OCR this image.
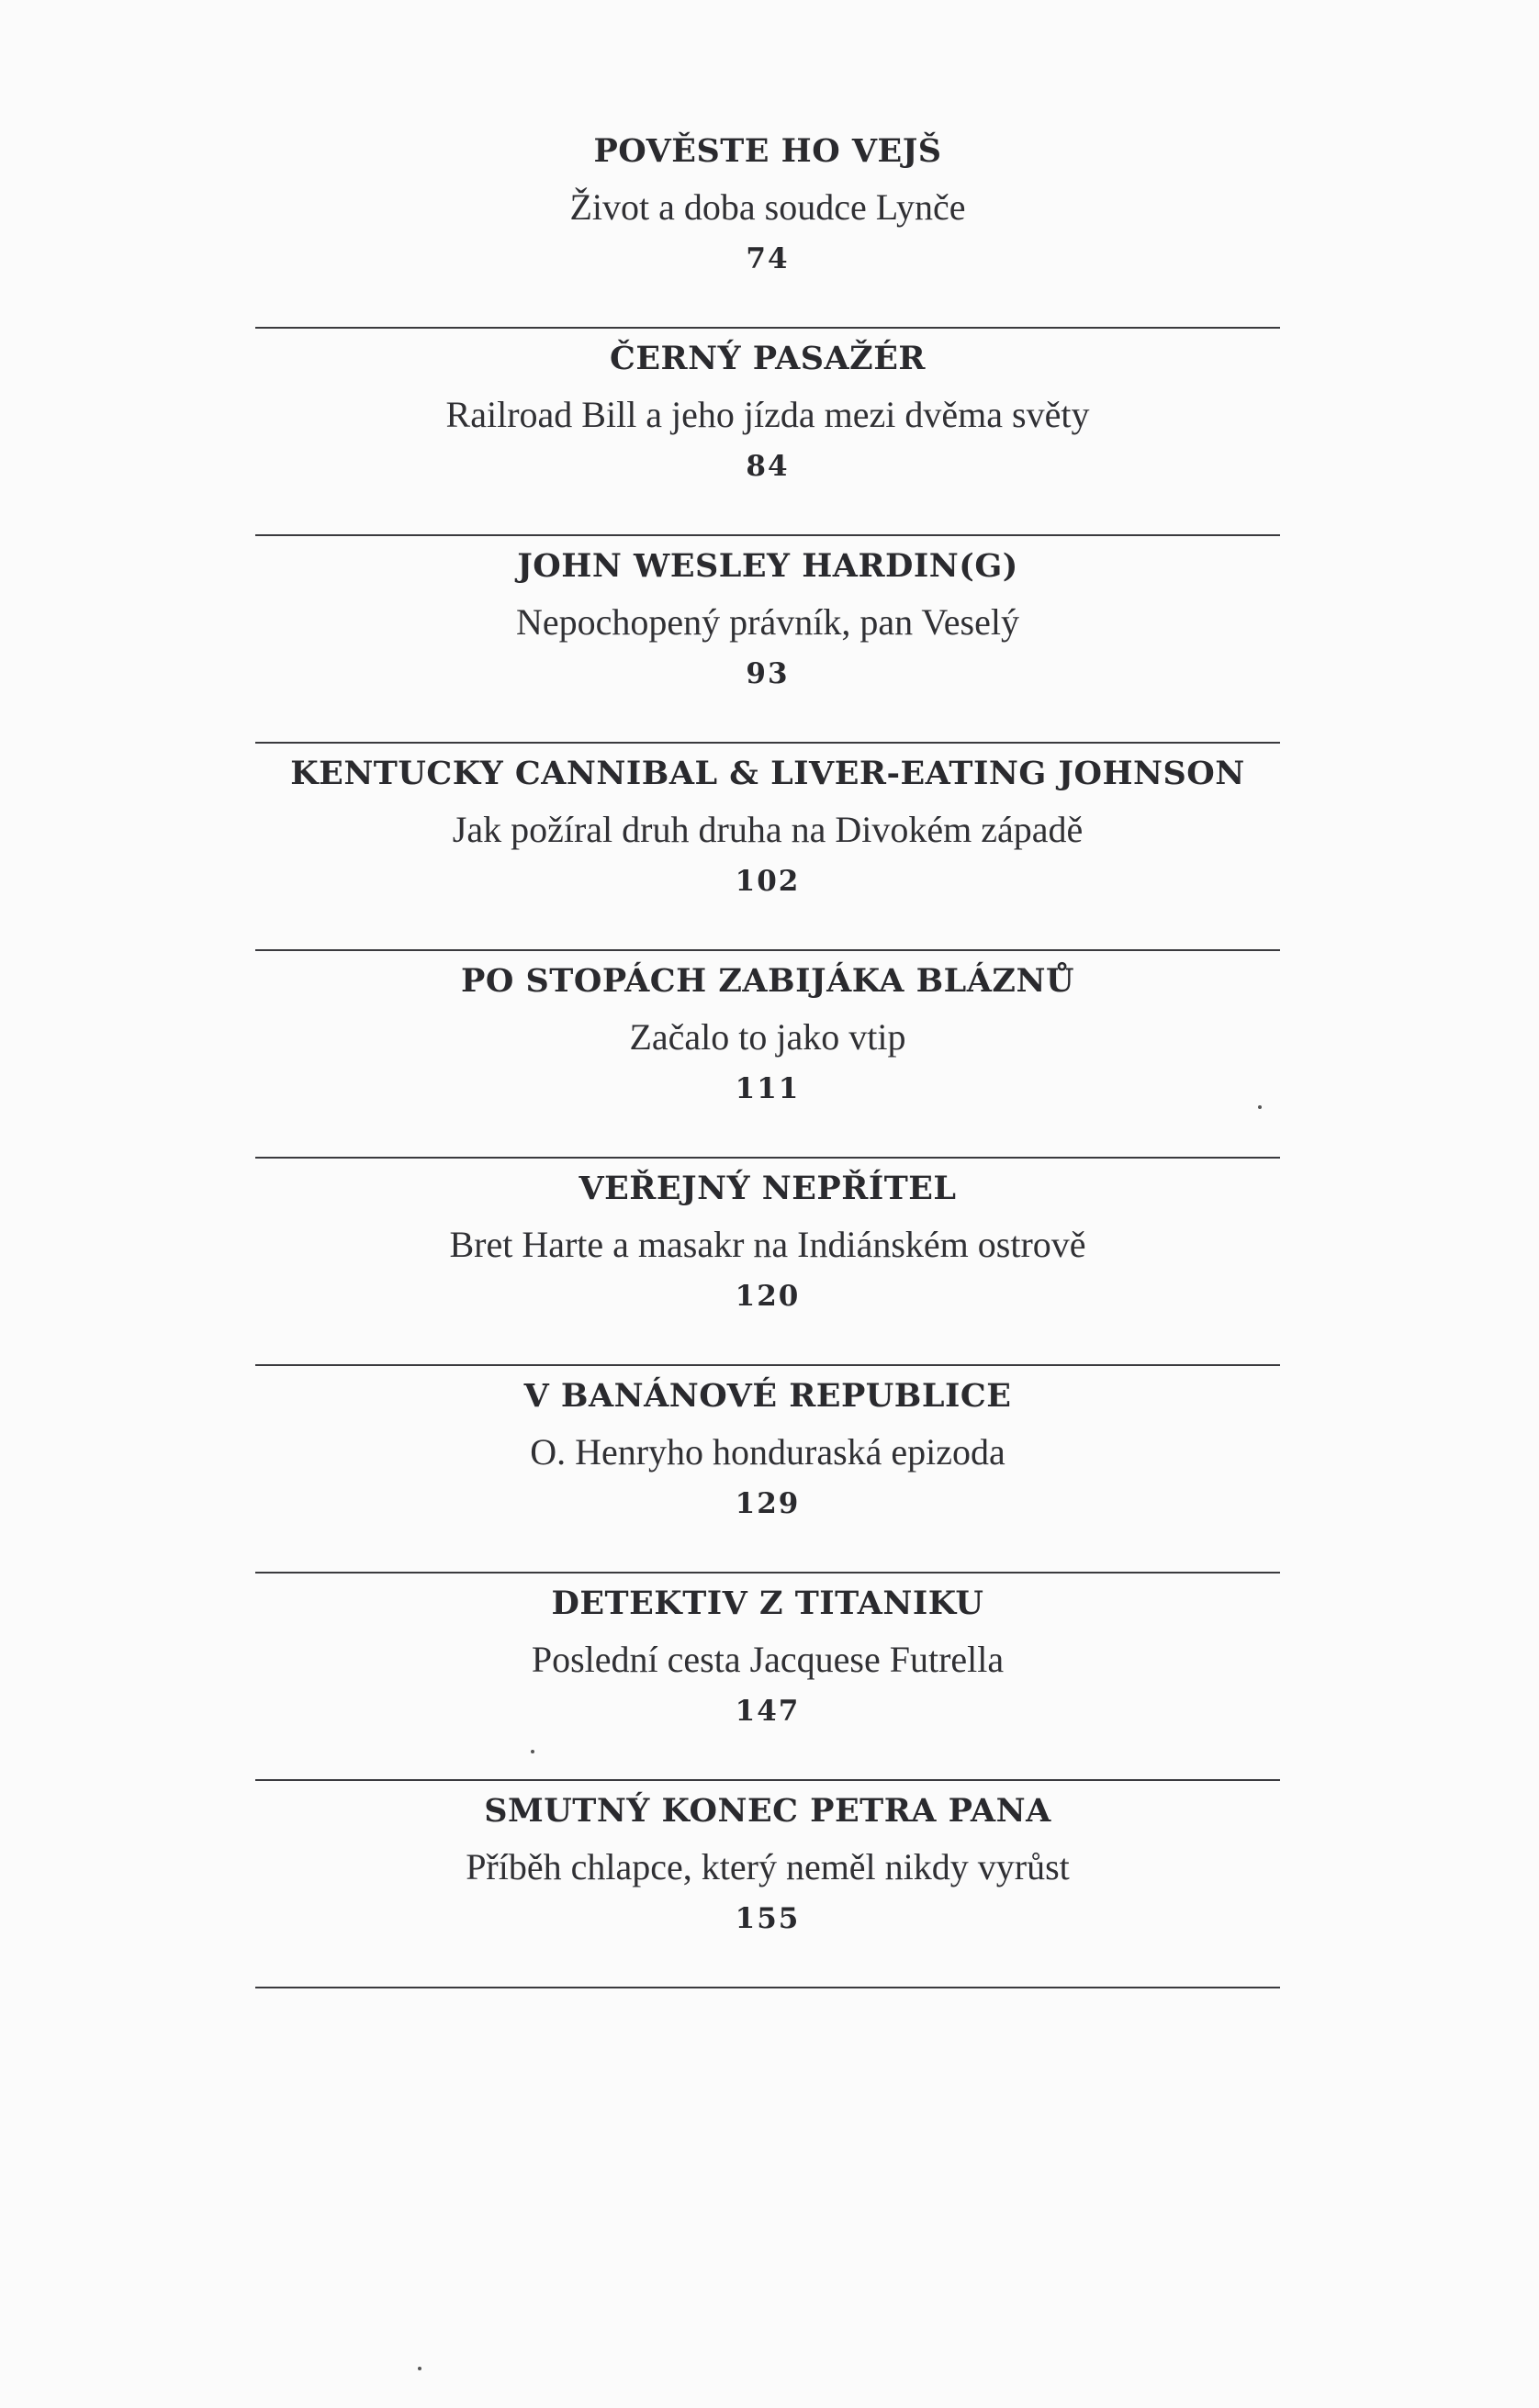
POVĚSTE HO VEJŠ
Život a doba soudce Lynče
74
ČERNÝ PASAŽÉR
Railroad Bill a jeho jízda mezi dvěma světy
84
JOHN WESLEY HARDIN(G)
Nepochopený právník, pan Veselý
93
KENTUCKY CANNIBAL & LIVER-EATING JOHNSON
Jak požíral druh druha na Divokém západě
102
PO STOPÁCH ZABIJÁKA BLÁZNŮ
Začalo to jako vtip
111
VEŘEJNÝ NEPŘÍTEL
Bret Harte a masakr na Indiánském ostrově
120
V BANÁNOVÉ REPUBLICE
O. Henryho honduraská epizoda
129
DETEKTIV Z TITANIKU
Poslední cesta Jacquese Futrella
147
SMUTNÝ KONEC PETRA PANA
Příběh chlapce, který neměl nikdy vyrůst
155
